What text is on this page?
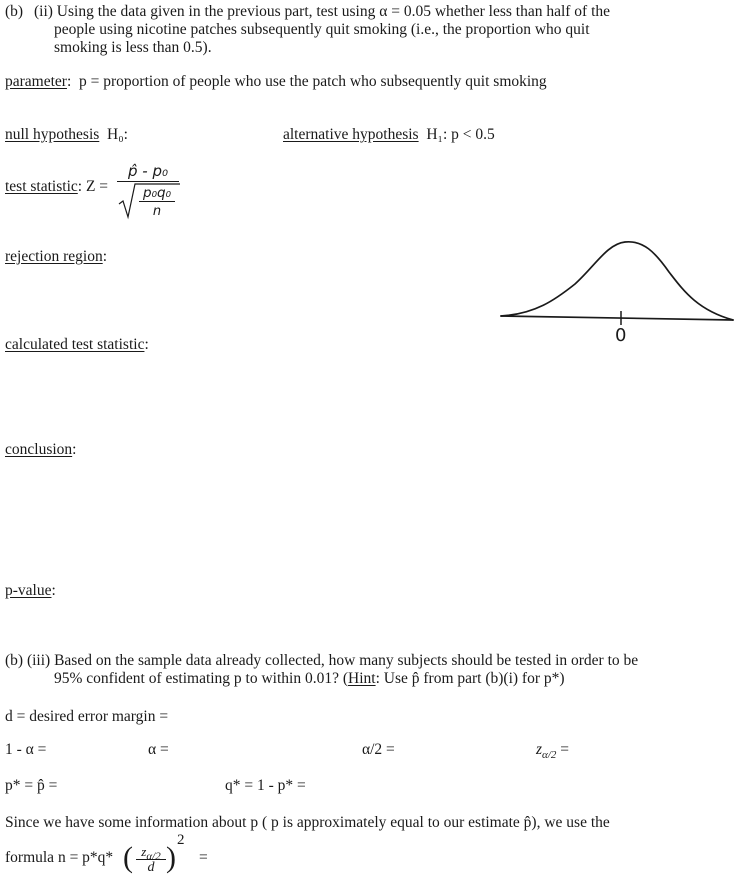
(b) (ii) Using the data given in the previous part, test using α = 0.05 whether less than half of the
people using nicotine patches subsequently quit smoking (i.e., the proportion who quit
smoking is less than 0.5).
parameter:  p = proportion of people who use the patch who subsequently quit smoking
null hypothesis H₀:	alternative hypothesis H₁: p < 0.5
test statistic: Z = p̂ - p₀
p₀q₀
n
rejection region:
0
calculated test statistic:
conclusion:
p-value:
(b) (iii) Based on the sample data already collected, how many subjects should be tested in order to be
95% confident of estimating p to within 0.01? (Hint: Use p̂ from part (b)(i) for p*)
d = desired error margin =
1 - α =	α =	α/2 =	$z_{\alpha/2}$ =
p* = p̂ =	q* = 1 - p* =
Since we have some information about p ( p is approximately equal to our estimate p̂), we use the
formula n = p*q* ( $z_{\alpha/2}$
d )
2
=
